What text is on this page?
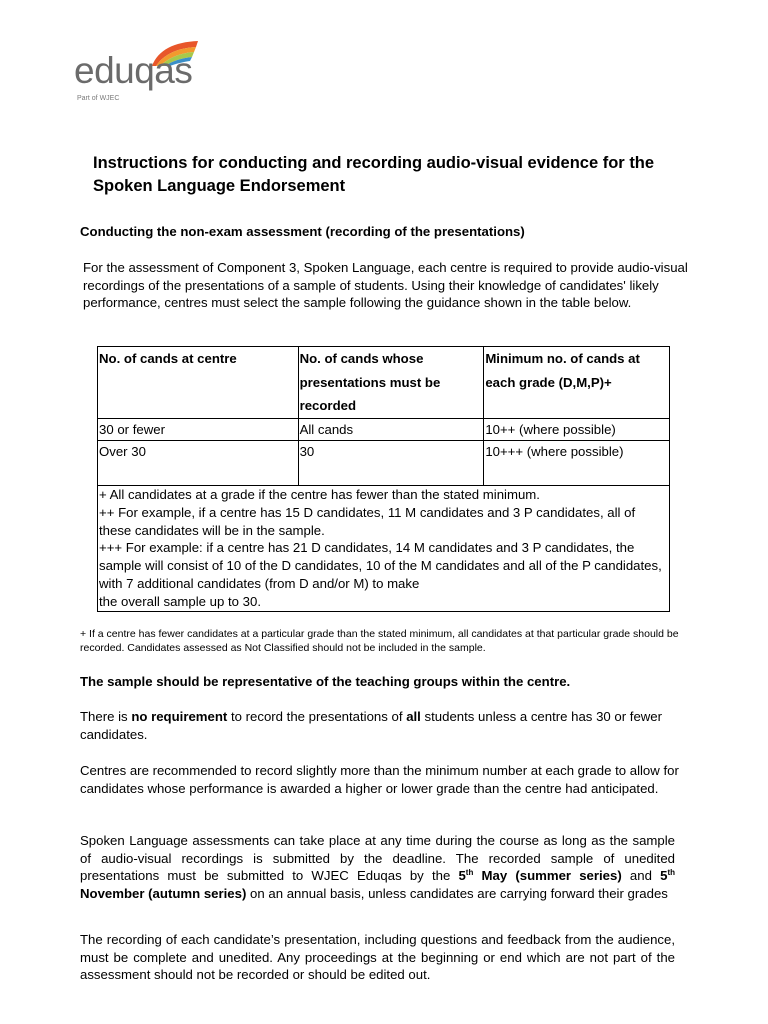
eduqas
Part of WJEC
Instructions for conducting and recording audio-visual evidence for the Spoken Language Endorsement
Conducting the non-exam assessment (recording of the presentations)

For the assessment of Component 3, Spoken Language, each centre is required to provide audio-visual recordings of the presentations of a sample of students. Using their knowledge of candidates' likely performance, centres must select the sample following the guidance shown in the table below.

No. of cands at centre	No. of cands whose presentations must be recorded	Minimum no. of cands at each grade (D,M,P)+
30 or fewer	All cands	10++ (where possible)
Over 30	30	10+++ (where possible)

+ All candidates at a grade if the centre has fewer than the stated minimum.
++ For example, if a centre has 15 D candidates, 11 M candidates and 3 P candidates, all of these candidates will be in the sample.
+++ For example: if a centre has 21 D candidates, 14 M candidates and 3 P candidates, the sample will consist of 10 of the D candidates, 10 of the M candidates and all of the P candidates, with 7 additional candidates (from D and/or M) to make
the overall sample up to 30.		

+ If a centre has fewer candidates at a particular grade than the stated minimum, all candidates at that particular grade should be recorded. Candidates assessed as Not Classified should not be included in the sample.

The sample should be representative of the teaching groups within the centre.

There is no requirement to record the presentations of all students unless a centre has 30 or fewer candidates.

Centres are recommended to record slightly more than the minimum number at each grade to allow for candidates whose performance is awarded a higher or lower grade than the centre had anticipated.

Spoken Language assessments can take place at any time during the course as long as the sample of audio-visual recordings is submitted by the deadline. The recorded sample of unedited presentations must be submitted to WJEC Eduqas by the 5th May (summer series) and 5th November (autumn series) on an annual basis, unless candidates are carrying forward their grades

The recording of each candidate’s presentation, including questions and feedback from the audience, must be complete and unedited. Any proceedings at the beginning or end which are not part of the assessment should not be recorded or should be edited out.
